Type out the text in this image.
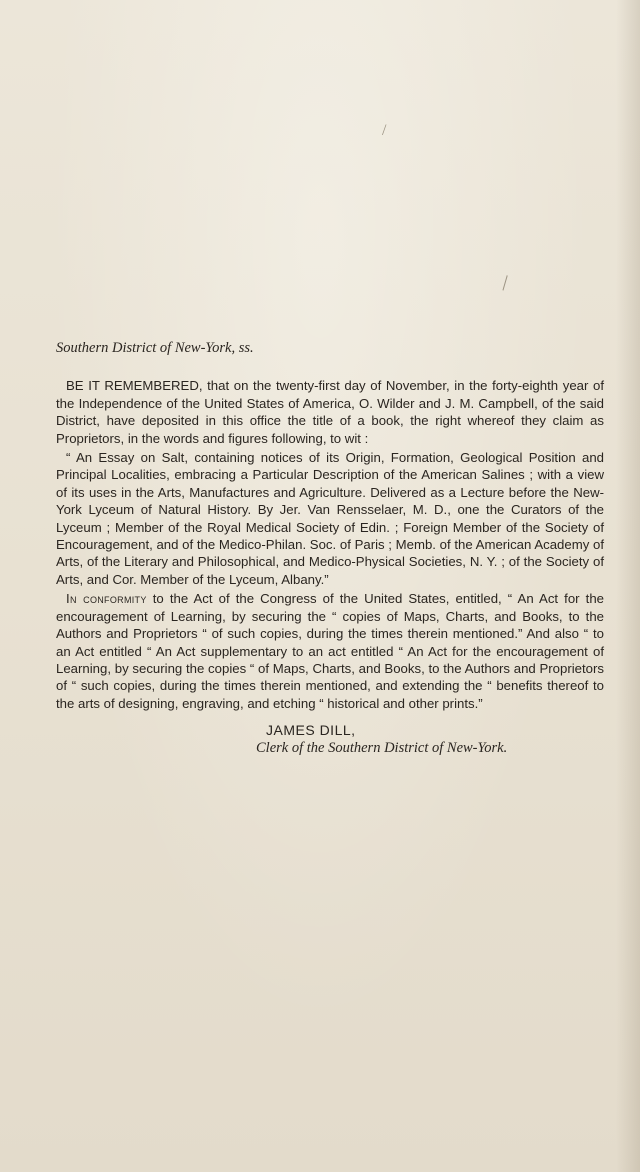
/
\

Southern District of New-York, ss.

BE IT REMEMBERED, that on the twenty-first day of November, in the forty-eighth year of the Independence of the United States of America, O. Wilder and J. M. Campbell, of the said District, have deposited in this office the title of a book, the right whereof they claim as Proprietors, in the words and figures following, to wit :

“ An Essay on Salt, containing notices of its Origin, Formation, Geological Position and Principal Localities, embracing a Particular Description of the American Salines ; with a view of its uses in the Arts, Manufactures and Agriculture. Delivered as a Lecture before the New-York Lyceum of Natural History. By Jer. Van Rensselaer, M. D., one the Curators of the Lyceum ; Member of the Royal Medical Society of Edin. ; Foreign Member of the Society of Encouragement, and of the Medico-Philan. Soc. of Paris ; Memb. of the American Academy of Arts, of the Literary and Philosophical, and Medico-Physical Societies, N. Y. ; of the Society of Arts, and Cor. Member of the Lyceum, Albany.”

In conformity to the Act of the Congress of the United States, entitled, “ An Act for the encouragement of Learning, by securing the “ copies of Maps, Charts, and Books, to the Authors and Proprietors “ of such copies, during the times therein mentioned.” And also “ to an Act entitled “ An Act supplementary to an act entitled “ An Act for the encouragement of Learning, by securing the copies “ of Maps, Charts, and Books, to the Authors and Proprietors of “ such copies, during the times therein mentioned, and extending the “ benefits thereof to the arts of designing, engraving, and etching “ historical and other prints.”

JAMES DILL,
Clerk of the Southern District of New-York.
